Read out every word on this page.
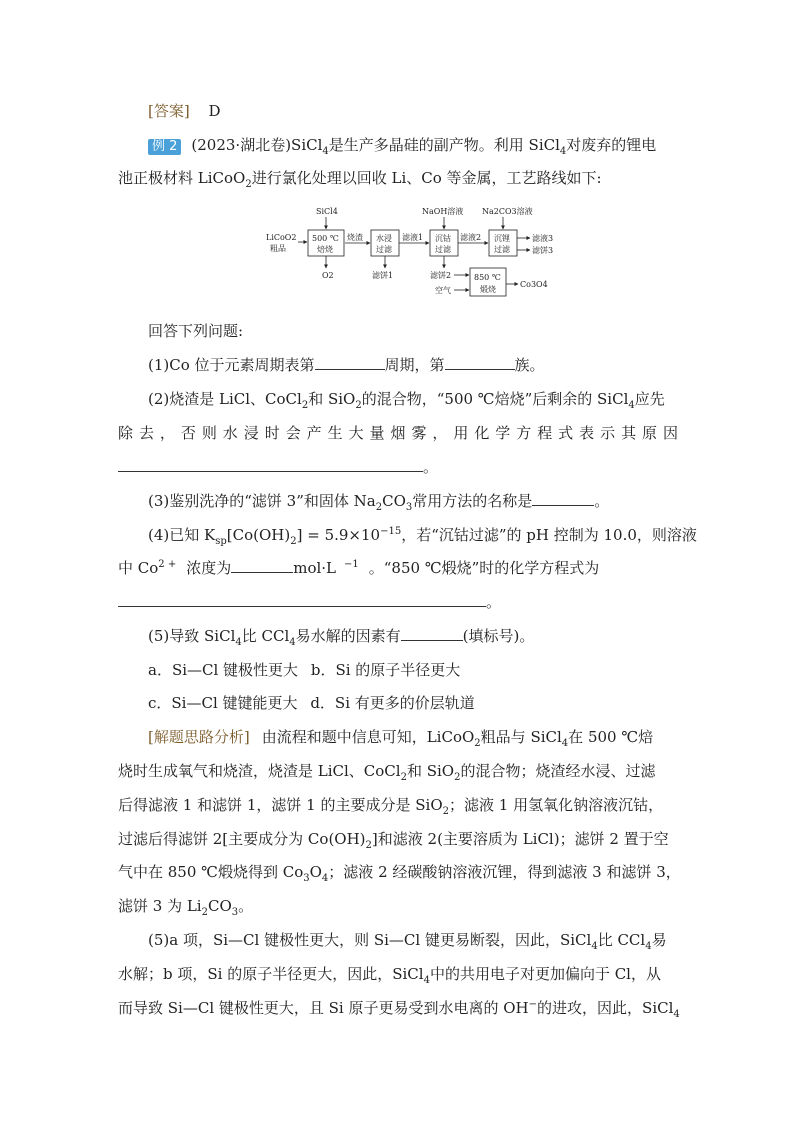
[答案] D
例 2 (2023·湖北卷)SiCl$_4$是生产多晶硅的副产物。利用 SiCl$_4$对废弃的锂电
池正极材料 LiCoO$_2$进行氯化处理以回收 Li、Co 等金属，工艺路线如下:
SiCl4
LiCoO2
粗品
500 ℃
焙烧
O2
烧渣 水浸
过滤
滤饼1
滤液1
NaOH溶液
沉钴
过滤
滤液2
Na2CO3溶液
沉锂
过滤
滤液3
滤饼3
滤饼2
空气
850 ℃
煅烧
Co3O4
回答下列问题:
(1)Co 位于元素周期表第	周期，第	族。
(2)烧渣是 LiCl、CoCl$_2$和 SiO$_2$的混合物，“500 ℃焙烧”后剩余的 SiCl$_4$应先
除去，否则水浸时会产生大量烟雾，用化学方程式表示其原因
。
(3)鉴别洗净的“滤饼 3”和固体 $Na_2CO_3$常用方法的名称是	。
(4)已知 $K_{sp}[Co(OH)_2] = 5.9\times 10^{-15}$，若“沉钴过滤”的 pH 控制为 10.0，则溶液
中 $Co^{2 +}$ 浓度为	mol·L $^{-1}$ 。“850 ℃煅烧”时的化学方程式为
。
(5)导致 SiCl$_4$比 CCl$_4$易水解的因素有	(填标号)。
a．Si—Cl 键极性更大 b．Si 的原子半径更大
c．Si—Cl 键键能更大 d．Si 有更多的价层轨道
[解题思路分析] 由流程和题中信息可知，LiCoO$_2$粗品与 SiCl$_4$在 500 ℃焙
烧时生成氧气和烧渣，烧渣是 LiCl、CoCl$_2$和 SiO$_2$的混合物；烧渣经水浸、过滤
后得滤液 1 和滤饼 1，滤饼 1 的主要成分是 SiO$_2$；滤液 1 用氢氧化钠溶液沉钴，
过滤后得滤饼 2[主要成分为 $Co(OH)_2$]和滤液 2(主要溶质为 LiCl)；滤饼 2 置于空
气中在 850 ℃煅烧得到 $Co_3O_4$；滤液 2 经碳酸钠溶液沉锂，得到滤液 3 和滤饼 3，
滤饼 3 为 $Li_2CO_3$。
(5)a 项，Si—Cl 键极性更大，则 Si—Cl 键更易断裂，因此，SiCl$_4$比 CCl$_4$易
水解；b 项，Si 的原子半径更大，因此，SiCl$_4$中的共用电子对更加偏向于 Cl，从
而导致 Si—Cl 键极性更大，且 Si 原子更易受到水电离的 OH−的进攻，因此，SiCl$_4$
